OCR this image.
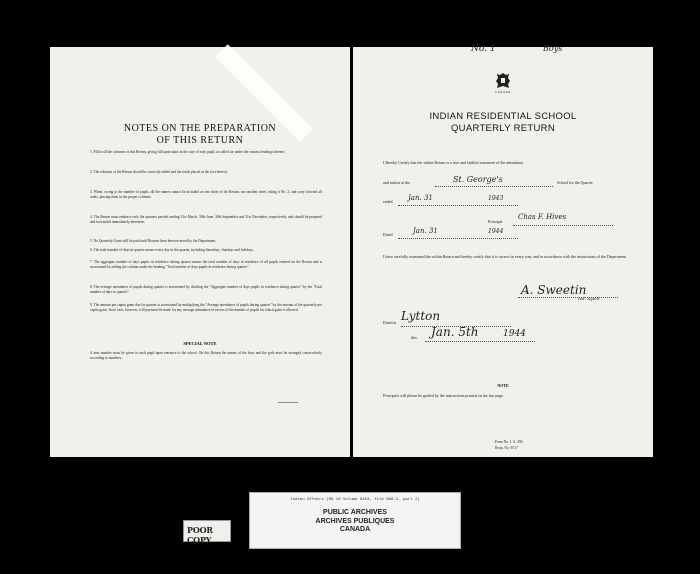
NOTES ON THE PREPARATION
OF THIS RETURN
1. Fill in all the columns of this Return, giving full particulars in the case of each pupil, as called for under the various headings thereof.
2. The columns of the Return should be correctly added and the totals placed at the foot thereof.
3. When, owing to the number of pupils, all the names cannot be included on one sheet of the Return, use another sheet, ruling it No. 2, and carry forward all totals, placing them in the proper columns.
4. The Return must embrace only the quarters periods ending 31st March, 30th June, 30th September and 31st December, respectively, and should be prepared and forwarded immediately thereafter.
5. No Quarterly Grant will be paid until Returns have been received by the Department.
6. The total number of days in quarter means every day in the quarter, including Saturdays, Sundays and holidays.
7. The aggregate number of days pupils in residence during quarter means the total number of days in residence of all pupils entered on the Return and is ascertained by adding the column under the heading "Total number of days pupils in residence during quarter".
8. The average attendance of pupils during quarter is ascertained by dividing the "Aggregate number of days pupils in residence during quarter" by the "Total number of days in quarter".
9. The amount per capita grant due for quarter is ascertained by multiplying the "Average attendance of pupils during quarter" by the amount of the quarterly per capita grant. In no case, however, will payment be made for any average attendance in excess of the number of pupils for which grant is allowed.
SPECIAL NOTE
A new number must be given to each pupil upon entrance to the school. On this Return the names of the boys and the girls must be arranged consecutively according to numbers.
No. 1	Boys
CANADA
INDIAN RESIDENTIAL SCHOOL
QUARTERLY RETURN
I Hereby Certify that the within Return is a true and faithful statement of the attendance
and tuition at the	St. George's	School for the Quarter
ended Jan. 31	1943
Principal
Chas F. Hives
Dated	Jan. 31	1944
I have carefully examined the within Return and hereby certify that it is correct in every way, and in accordance with the instructions of the Department.
A. Sweetin
Ind. Agent
Dated at Lytton
this Jan. 5th	1944
NOTE
Principals will please be guided by the instructions printed on the last page.
Form No. I. A. 456
Reqn. No. 6717
Indian Affairs (RG 10 Volume 6453, file 886-5, part 2)
PUBLIC ARCHIVES
ARCHIVES PUBLIQUES
CANADA
POOR COPY
